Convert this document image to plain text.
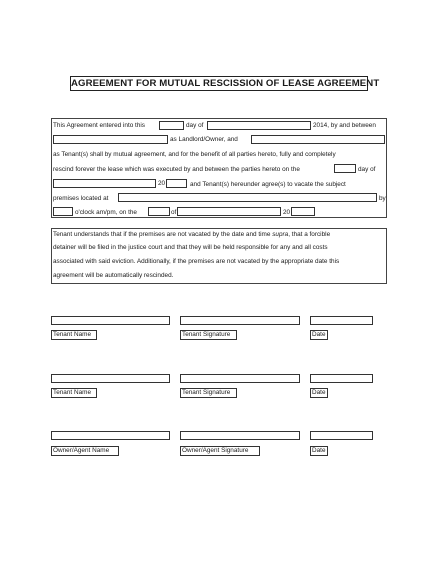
AGREEMENT FOR MUTUAL RESCISSION OF LEASE AGREEMENT
This Agreement entered into this	day of	2014, by and between
as Landlord/Owner, and
as Tenant(s) shall by mutual agreement, and for the benefit of all parties hereto, fully and completely
rescind forever the lease which was executed by and between the parties hereto on the	day of
20	and Tenant(s) hereunder agree(s) to vacate the subject
premises located at	by
o'clock am/pm, on the	of	20
Tenant understands that if the premises are not vacated by the date and time supra, that a forcible
detainer will be filed in the justice court and that they will be held responsible for any and all costs
associated with said eviction. Additionally, if the premises are not vacated by the appropriate date this
agreement will be automatically rescinded.
Tenant Name	Tenant Signature	Date
Tenant Name	Tenant Signature	Date
Owner/Agent Name	Owner/Agent Signature	Date
